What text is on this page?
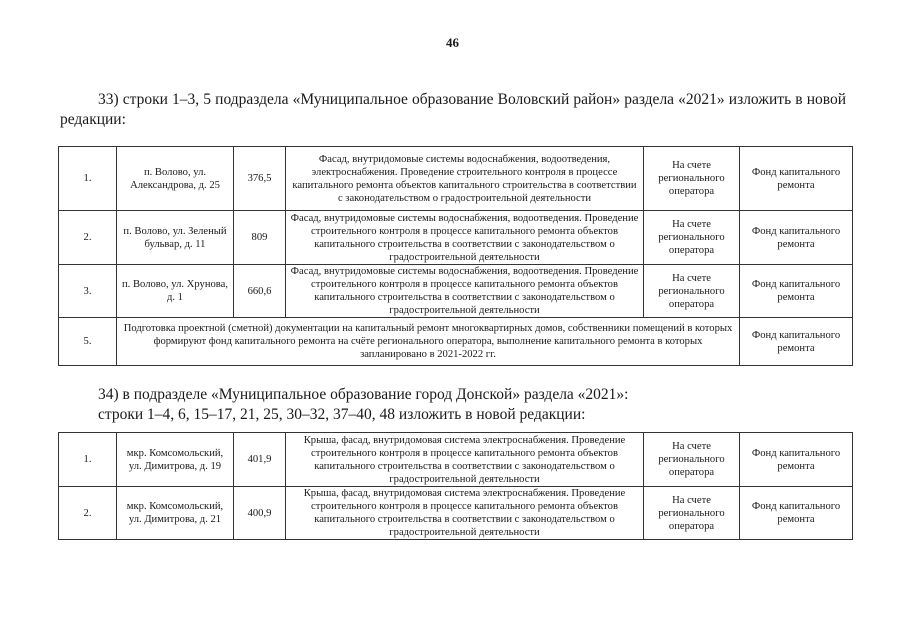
46
33) строки 1–3, 5 подраздела «Муниципальное образование Воловский район» раздела «2021» изложить в новой редакции:
1.	п. Волово, ул. Александрова, д. 25	376,5	Фасад, внутридомовые системы водоснабжения, водоотведения, электроснабжения. Проведение строительного контроля в процессе капитального ремонта объектов капитального строительства в соответствии с законодательством о градостроительной деятельности	На счете регионального оператора	Фонд капитального ремонта
2.	п. Волово, ул. Зеленый бульвар, д. 11	809	Фасад, внутридомовые системы водоснабжения, водоотведения. Проведение строительного контроля в процессе капитального ремонта объектов капитального строительства в соответствии с законодательством о градостроительной деятельности	На счете регионального оператора	Фонд капитального ремонта
3.	п. Волово, ул. Хрунова, д. 1	660,6	Фасад, внутридомовые системы водоснабжения, водоотведения. Проведение строительного контроля в процессе капитального ремонта объектов капитального строительства в соответствии с законодательством о градостроительной деятельности	На счете регионального оператора	Фонд капитального ремонта
5.	Подготовка проектной (сметной) документации на капитальный ремонт многоквартирных домов, собственники помещений в которых формируют фонд капитального ремонта на счёте регионального оператора, выполнение капитального ремонта в которых запланировано в 2021-2022 гг.				Фонд капитального ремонта
34) в подразделе «Муниципальное образование город Донской» раздела «2021»:
строки 1–4, 6, 15–17, 21, 25, 30–32, 37–40, 48 изложить в новой редакции:
1.	мкр. Комсомольский, ул. Димитрова, д. 19	401,9	Крыша, фасад, внутридомовая система электроснабжения. Проведение строительного контроля в процессе капитального ремонта объектов капитального строительства в соответствии с законодательством о градостроительной деятельности	На счете регионального оператора	Фонд капитального ремонта
2.	мкр. Комсомольский, ул. Димитрова, д. 21	400,9	Крыша, фасад, внутридомовая система электроснабжения. Проведение строительного контроля в процессе капитального ремонта объектов капитального строительства в соответствии с законодательством о градостроительной деятельности	На счете регионального оператора	Фонд капитального ремонта
